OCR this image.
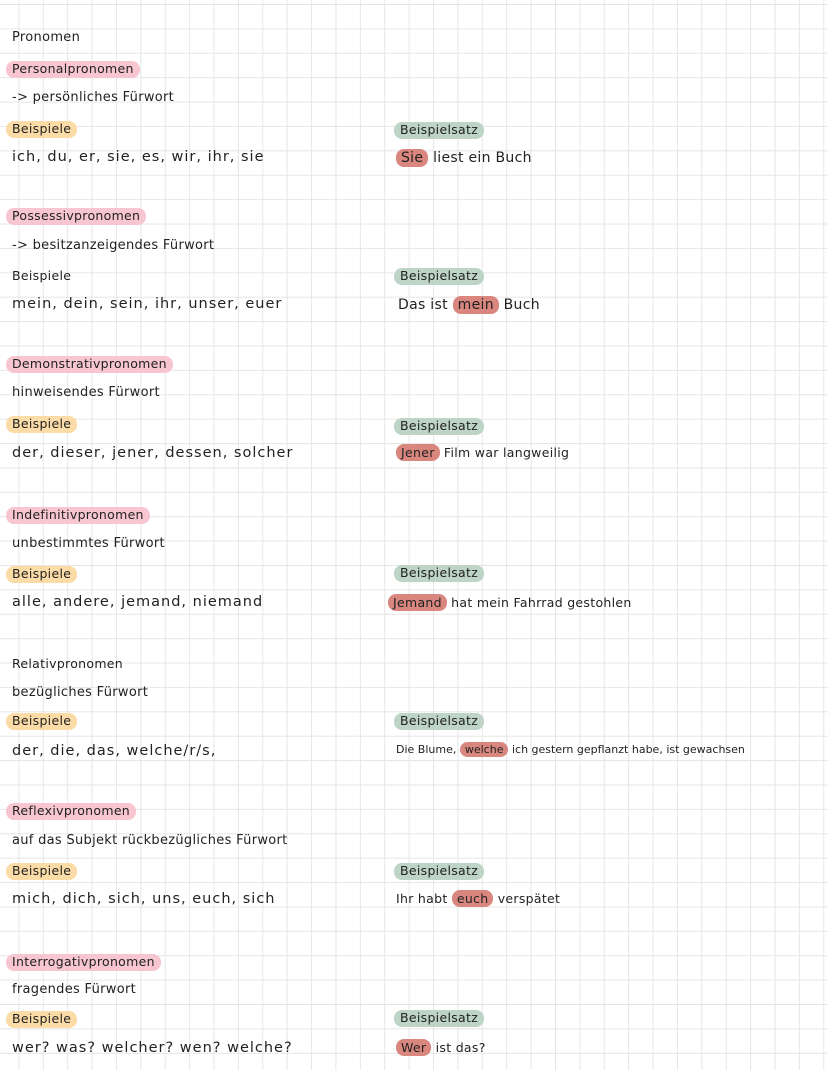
Pronomen
Personalpronomen
-> persönliches Fürwort
Beispiele
ich, du, er, sie, es, wir, ihr, sie
Beispielsatz
Sie liest ein Buch
Possessivpronomen
-> besitzanzeigendes Fürwort
Beispiele
mein, dein, sein, ihr, unser, euer
Beispielsatz
Das ist mein Buch
Demonstrativpronomen
hinweisendes Fürwort
Beispiele
der, dieser, jener, dessen, solcher
Beispielsatz
Jener Film war langweilig
Indefinitivpronomen
unbestimmtes Fürwort
Beispiele
alle, andere, jemand, niemand
Beispielsatz
Jemand hat mein Fahrrad gestohlen
Relativpronomen
bezügliches Fürwort
Beispiele
der, die, das, welche/r/s,
Beispielsatz
Die Blume, welche ich gestern gepflanzt habe, ist gewachsen
Reflexivpronomen
auf das Subjekt rückbezügliches Fürwort
Beispiele
mich, dich, sich, uns, euch, sich
Beispielsatz
Ihr habt euch verspätet
Interrogativpronomen
fragendes Fürwort
Beispiele
wer? was? welcher? wen? welche?
Beispielsatz
Wer ist das?
